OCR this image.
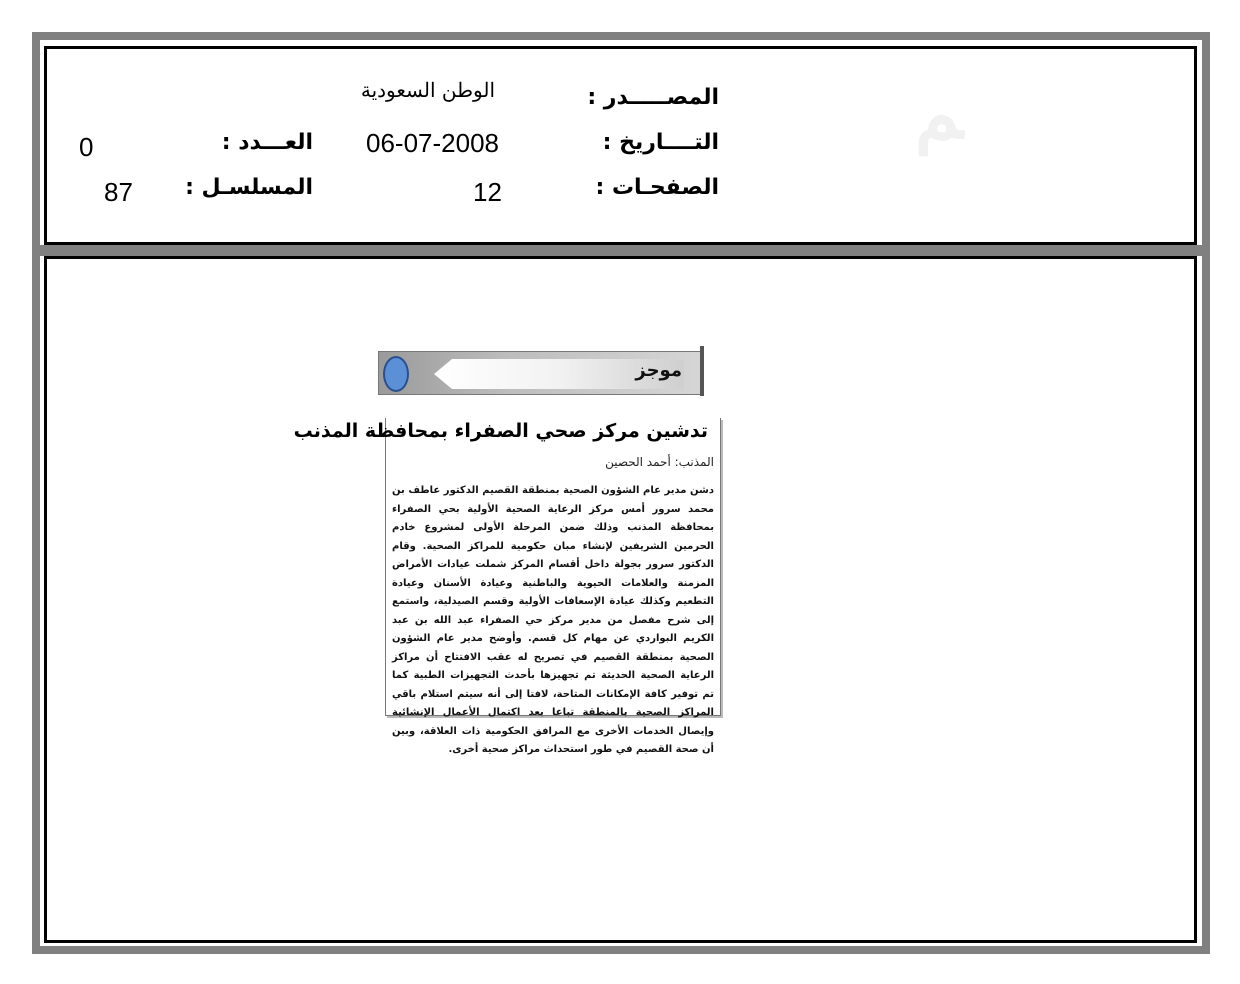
ﻢ
المصـــــدر :
الوطن السعودية
التــــاريخ :
06-07-2008
الصفحـات :
12
العـــدد :
0
المسلسـل :
87
موجز
تدشين مركز صحي الصفراء بمحافظة المذنب
المذنب: أحمد الحصين
دشن مدير عام الشؤون الصحية بمنطقة القصيم الدكتور عاطف بن محمد سرور أمس مركز الرعاية الصحية الأولية بحي الصفراء بمحافظة المذنب وذلك ضمن المرحلة الأولى لمشروع خادم الحرمين الشريفين لإنشاء مبان حكومية للمراكز الصحية. وقام الدكتور سرور بجولة داخل أقسام المركز شملت عيادات الأمراض المزمنة والعلامات الحيوية والباطنية وعيادة الأسنان وعيادة التطعيم وكذلك عيادة الإسعافات الأولية وقسم الصيدلية، واستمع إلى شرح مفصل من مدير مركز حي الصفراء عبد الله بن عبد الكريم البواردي عن مهام كل قسم. وأوضح مدير عام الشؤون الصحية بمنطقة القصيم في تصريح له عقب الافتتاح أن مراكز الرعاية الصحية الحديثة تم تجهيزها بأحدث التجهيزات الطبية كما تم توفير كافة الإمكانات المتاحة، لافتا إلى أنه سيتم استلام باقي المراكز الصحية بالمنطقة تباعا بعد اكتمال الأعمال الإنشائية وإيصال الخدمات الأخرى مع المرافق الحكومية ذات العلاقة، وبين أن صحة القصيم في طور استحداث مراكز صحية أخرى.
